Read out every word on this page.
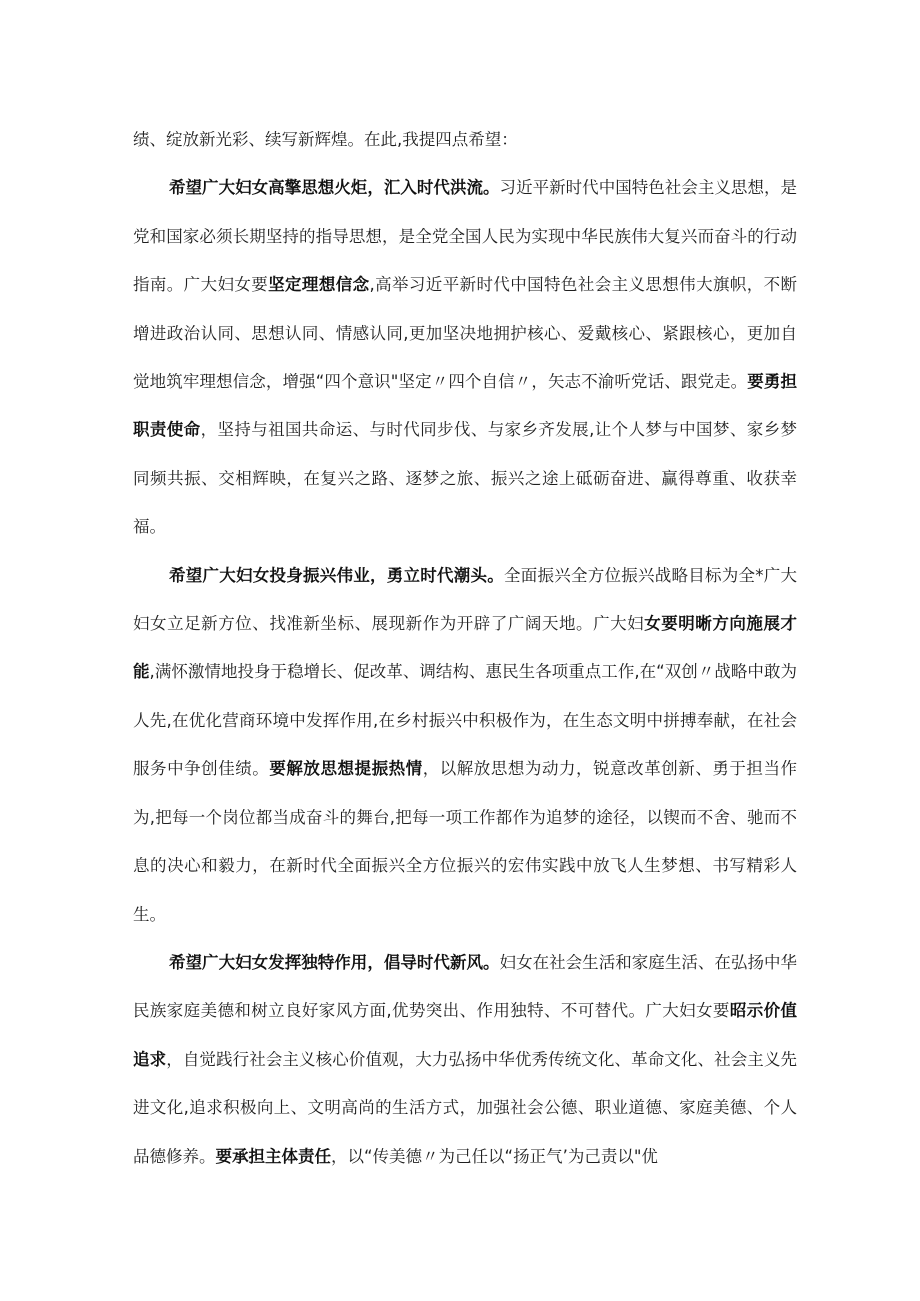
绩、绽放新光彩、续写新辉煌。在此,我提四点希望：

希望广大妇女高擎思想火炬，汇入时代洪流。习近平新时代中国特色社会主义思想，是党和国家必须长期坚持的指导思想，是全党全国人民为实现中华民族伟大复兴而奋斗的行动指南。广大妇女要坚定理想信念,高举习近平新时代中国特色社会主义思想伟大旗帜，不断增进政治认同、思想认同、情感认同,更加坚决地拥护核心、爱戴核心、紧跟核心，更加自觉地筑牢理想信念，增强“四个意识"坚定〃四个自信〃，矢志不渝听党话、跟党走。要勇担职责使命，坚持与祖国共命运、与时代同步伐、与家乡齐发展,让个人梦与中国梦、家乡梦同频共振、交相辉映，在复兴之路、逐梦之旅、振兴之途上砥砺奋进、赢得尊重、收获幸福。

希望广大妇女投身振兴伟业，勇立时代潮头。全面振兴全方位振兴战略目标为全*广大妇女立足新方位、找准新坐标、展现新作为开辟了广阔天地。广大妇女要明晰方向施展才能,满怀激情地投身于稳增长、促改革、调结构、惠民生各项重点工作,在“双创〃战略中敢为人先,在优化营商环境中发挥作用,在乡村振兴中积极作为，在生态文明中拼搏奉献，在社会服务中争创佳绩。要解放思想提振热情，以解放思想为动力，锐意改革创新、勇于担当作为,把每一个岗位都当成奋斗的舞台,把每一项工作都作为追梦的途径，以锲而不舍、驰而不息的决心和毅力，在新时代全面振兴全方位振兴的宏伟实践中放飞人生梦想、书写精彩人生。

希望广大妇女发挥独特作用，倡导时代新风。妇女在社会生活和家庭生活、在弘扬中华民族家庭美德和树立良好家风方面,优势突出、作用独特、不可替代。广大妇女要昭示价值追求，自觉践行社会主义核心价值观，大力弘扬中华优秀传统文化、革命文化、社会主义先进文化,追求积极向上、文明高尚的生活方式，加强社会公德、职业道德、家庭美德、个人品德修养。要承担主体责任，以“传美德〃为己任以“扬正气’为己责以"优
